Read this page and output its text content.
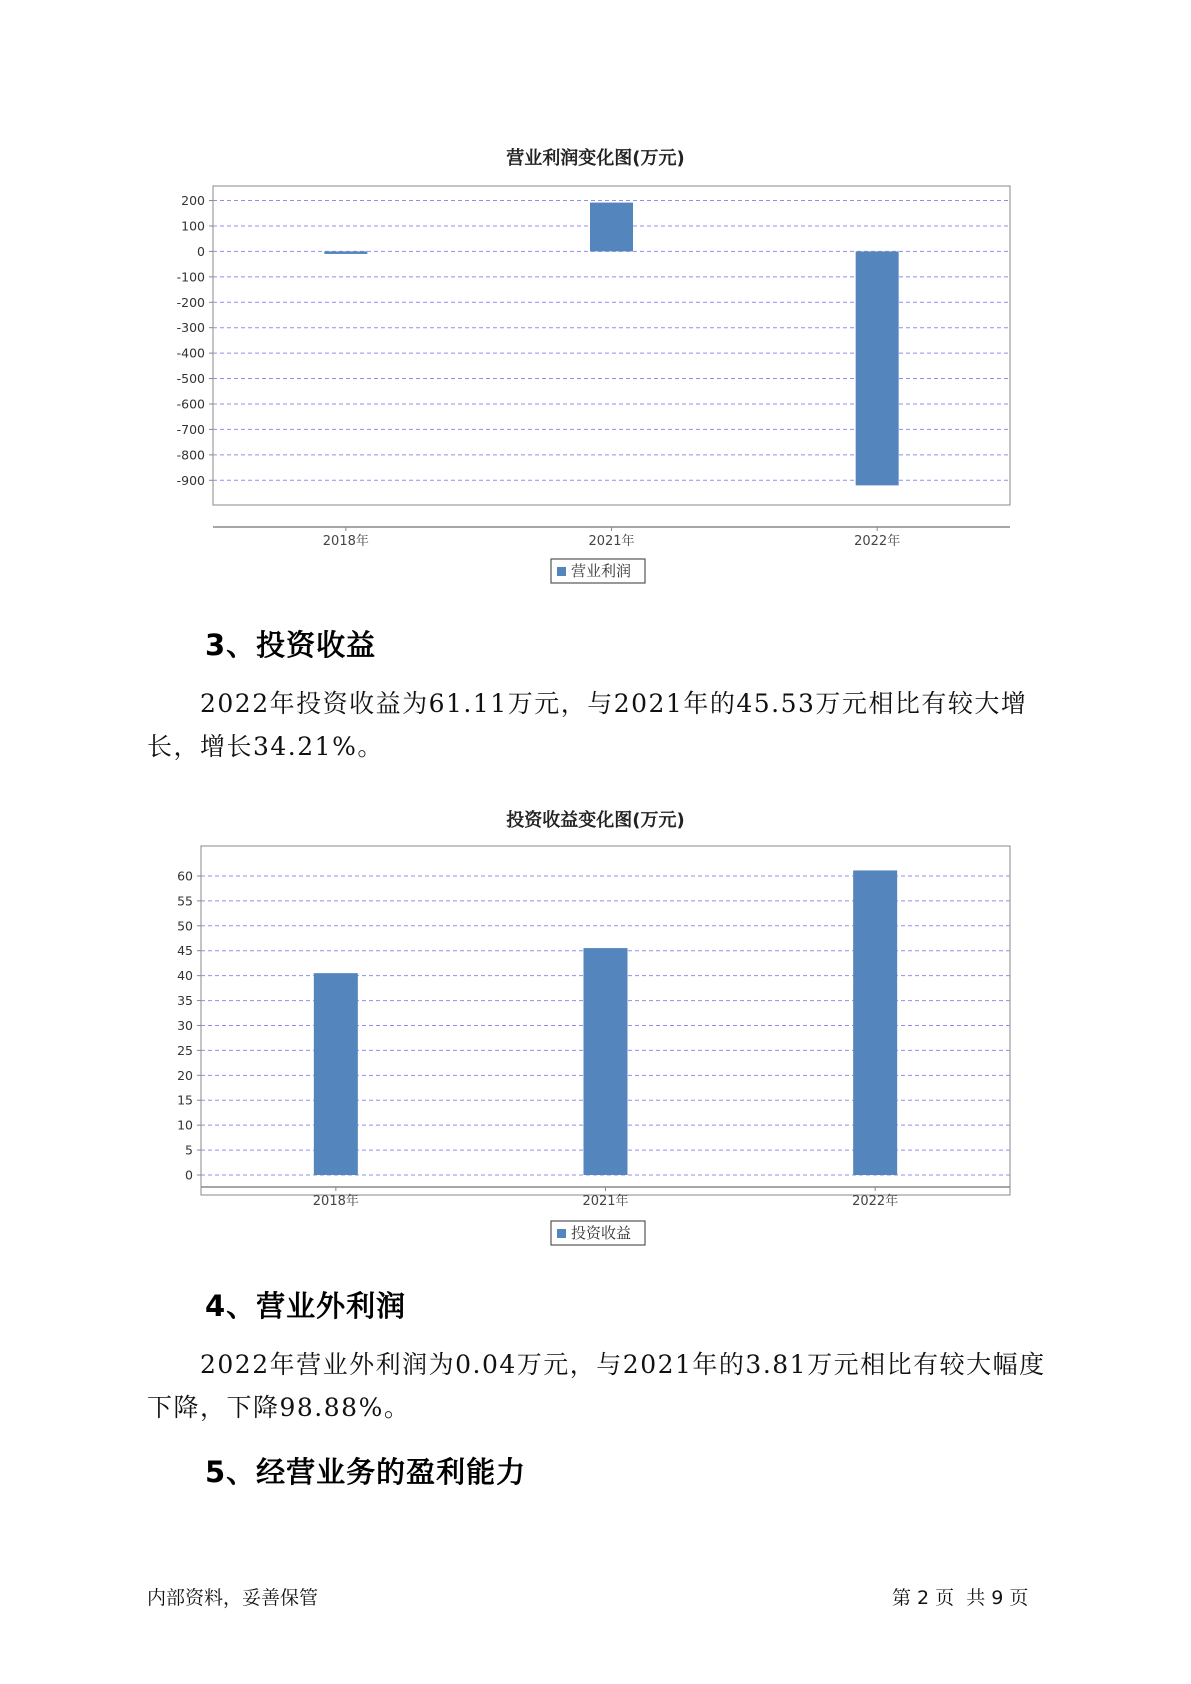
营业利润变化图(万元)
200
100
0
-100
-200
-300
-400
-500
-600
-700
-800
-900
2018年	2021年	2022年
营业利润
3、投资收益
2022年投资收益为61.11万元，与2021年的45.53万元相比有较大增长，增长34.21%。
投资收益变化图(万元)
60
55
50
45
40
35
30
25
20
15
10
5
0
2018年	2021年	2022年
投资收益
4、营业外利润
2022年营业外利润为0.04万元，与2021年的3.81万元相比有较大幅度下降，下降98.88%。
5、经营业务的盈利能力
内部资料，妥善保管	第 2 页  共 9 页
